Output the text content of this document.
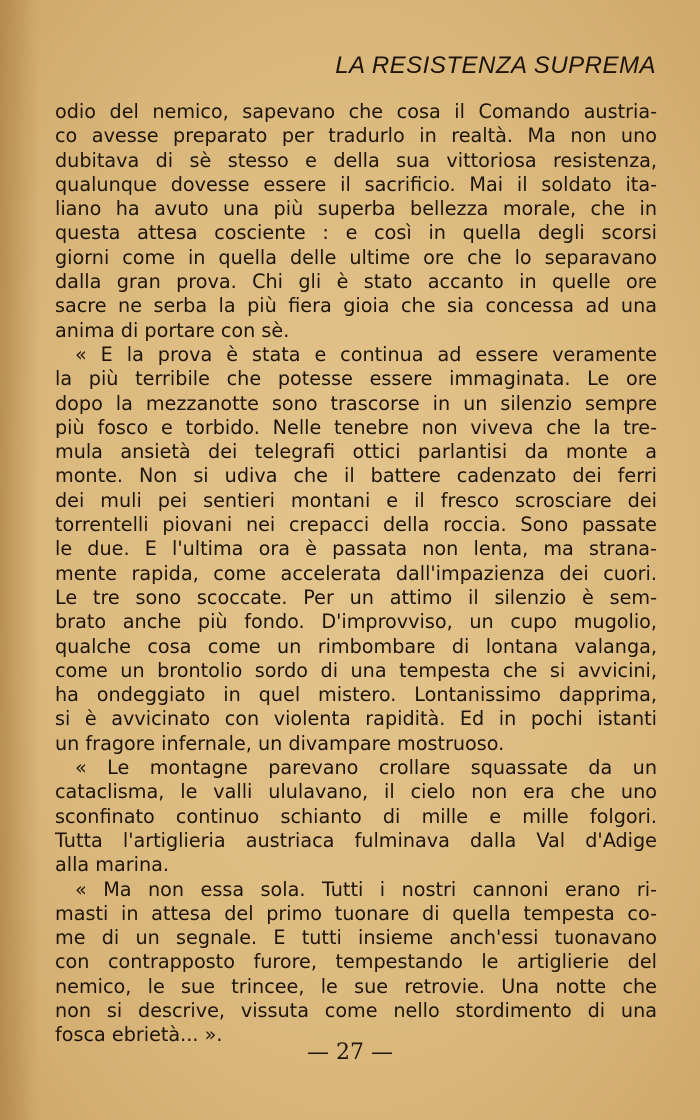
LA RESISTENZA SUPREMA
odio del nemico, sapevano che cosa il Comando austria-
co avesse preparato per tradurlo in realtà. Ma non uno
dubitava di sè stesso e della sua vittoriosa resistenza,
qualunque dovesse essere il sacrificio. Mai il soldato ita-
liano ha avuto una più superba bellezza morale, che in
questa attesa cosciente : e così in quella degli scorsi
giorni come in quella delle ultime ore che lo separavano
dalla gran prova. Chi gli è stato accanto in quelle ore
sacre ne serba la più fiera gioia che sia concessa ad una
anima di portare con sè.
« E la prova è stata e continua ad essere veramente
la più terribile che potesse essere immaginata. Le ore
dopo la mezzanotte sono trascorse in un silenzio sempre
più fosco e torbido. Nelle tenebre non viveva che la tre-
mula ansietà dei telegrafi ottici parlantisi da monte a
monte. Non si udiva che il battere cadenzato dei ferri
dei muli pei sentieri montani e il fresco scrosciare dei
torrentelli piovani nei crepacci della roccia. Sono passate
le due. E l'ultima ora è passata non lenta, ma strana-
mente rapida, come accelerata dall'impazienza dei cuori.
Le tre sono scoccate. Per un attimo il silenzio è sem-
brato anche più fondo. D'improvviso, un cupo mugolio,
qualche cosa come un rimbombare di lontana valanga,
come un brontolio sordo di una tempesta che si avvicini,
ha ondeggiato in quel mistero. Lontanissimo dapprima,
si è avvicinato con violenta rapidità. Ed in pochi istanti
un fragore infernale, un divampare mostruoso.
« Le montagne parevano crollare squassate da un
cataclisma, le valli ululavano, il cielo non era che uno
sconfinato continuo schianto di mille e mille folgori.
Tutta l'artiglieria austriaca fulminava dalla Val d'Adige
alla marina.
« Ma non essa sola. Tutti i nostri cannoni erano ri-
masti in attesa del primo tuonare di quella tempesta co-
me di un segnale. E tutti insieme anch'essi tuonavano
con contrapposto furore, tempestando le artiglierie del
nemico, le sue trincee, le sue retrovie. Una notte che
non si descrive, vissuta come nello stordimento di una
fosca ebrietà... ».
— 27 —
